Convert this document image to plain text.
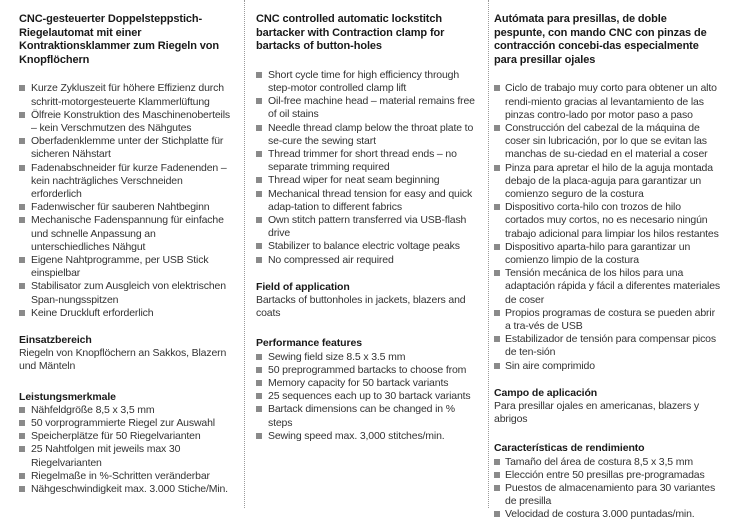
CNC-gesteuerter Doppelsteppstich-Riegelautomat mit einer Kontraktionsklammer zum Riegeln von Knopflöchern

Kurze Zykluszeit für höhere Effizienz durch schritt-motorgesteuerte Klammerlüftung
Ölfreie Konstruktion des Maschinenoberteils – kein Verschmutzen des Nähgutes
Oberfadenklemme unter der Stichplatte für sicheren Nähstart
Fadenabschneider für kurze Fadenenden – kein nachträgliches Verschneiden erforderlich
Fadenwischer für sauberen Nahtbeginn
Mechanische Fadenspannung für einfache und schnelle Anpassung an unterschiedliches Nähgut
Eigene Nahtprogramme, per USB Stick einspielbar
Stabilisator zum Ausgleich von elektrischen Span-nungsspitzen
Keine Druckluft erforderlich

Einsatzbereich

Riegeln von Knopflöchern an Sakkos, Blazern und Mänteln

Leistungsmerkmale

Nähfeldgröße 8,5 x 3,5 mm
50 vorprogrammierte Riegel zur Auswahl
Speicherplätze für 50 Riegelvarianten
25 Nahtfolgen mit jeweils max 30 Riegelvarianten
Riegelmaße in %-Schritten veränderbar
Nähgeschwindigkeit max. 3.000 Stiche/Min.

CNC controlled automatic lockstitch bartacker with Contraction clamp for bartacks of button-holes

Short cycle time for high efficiency through step-motor controlled clamp lift
Oil-free machine head – material remains free of oil stains
Needle thread clamp below the throat plate to se-cure the sewing start
Thread trimmer for short thread ends – no separate trimming required
Thread wiper for neat seam beginning
Mechanical thread tension for easy and quick adap-tation to different fabrics
Own stitch pattern transferred via USB-flash drive
Stabilizer to balance electric voltage peaks
No compressed air required

Field of application

Bartacks of buttonholes in jackets, blazers and coats

Performance features

Sewing field size 8.5 x 3.5 mm
50 preprogrammed bartacks to choose from
Memory capacity for 50 bartack variants
25 sequences each up to 30 bartack variants
Bartack dimensions can be changed in % steps
Sewing speed max. 3,000 stitches/min.

Autómata para presillas, de doble pespunte, con mando CNC con pinzas de contracción concebi-das especialmente para presillar ojales

Ciclo de trabajo muy corto para obtener un alto rendi-miento gracias al levantamiento de las pinzas contro-lado por motor paso a paso
Construcción del cabezal de la máquina de coser sin lubricación, por lo que se evitan las manchas de su-ciedad en el material a coser
Pinza para apretar el hilo de la aguja montada debajo de la placa-aguja para garantizar un comienzo seguro de la costura
Dispositivo corta-hilo con trozos de hilo cortados muy cortos, no es necesario ningún trabajo adicional para limpiar los hilos restantes
Dispositivo aparta-hilo para garantizar un comienzo limpio de la costura
Tensión mecánica de los hilos para una adaptación rápida y fácil a diferentes materiales de coser
Propios programas de costura se pueden abrir a tra-vés de USB
Estabilizador de tensión para compensar picos de ten-sión
Sin aire comprimido

Campo de aplicación

Para presillar ojales en americanas, blazers y abrigos

Características de rendimiento

Tamaño del área de costura 8,5 x 3,5 mm
Elección entre 50 presillas pre-programadas
Puestos de almacenamiento para 30 variantes de presilla
Velocidad de costura 3.000 puntadas/min.
